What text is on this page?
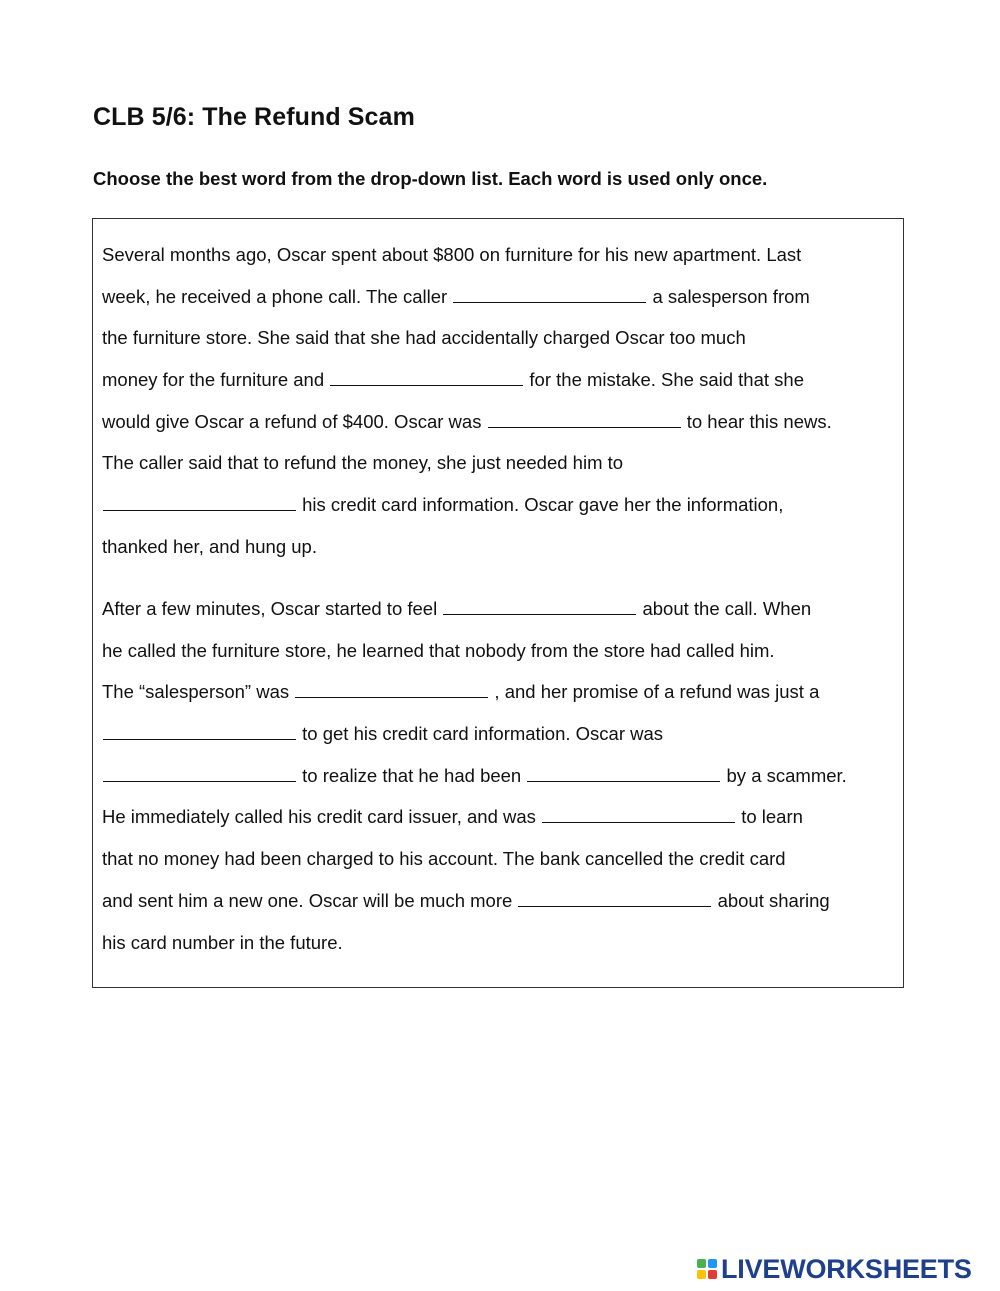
CLB 5/6: The Refund Scam

Choose the best word from the drop-down list. Each word is used only once.

Several months ago, Oscar spent about $800 on furniture for his new apartment. Last
week, he received a phone call. The caller	a salesperson from
the furniture store. She said that she had accidentally charged Oscar too much
money for the furniture and	for the mistake. She said that she
would give Oscar a refund of $400. Oscar was	to hear this news.
The caller said that to refund the money, she just needed him to
his credit card information. Oscar gave her the information,
thanked her, and hung up.
After a few minutes, Oscar started to feel	about the call. When
he called the furniture store, he learned that nobody from the store had called him.
The “salesperson” was	, and her promise of a refund was just a
to get his credit card information. Oscar was
to realize that he had been	by a scammer.
He immediately called his credit card issuer, and was	to learn
that no money had been charged to his account. The bank cancelled the credit card
and sent him a new one. Oscar will be much more	about sharing
his card number in the future.
LIVEWORKSHEETS
